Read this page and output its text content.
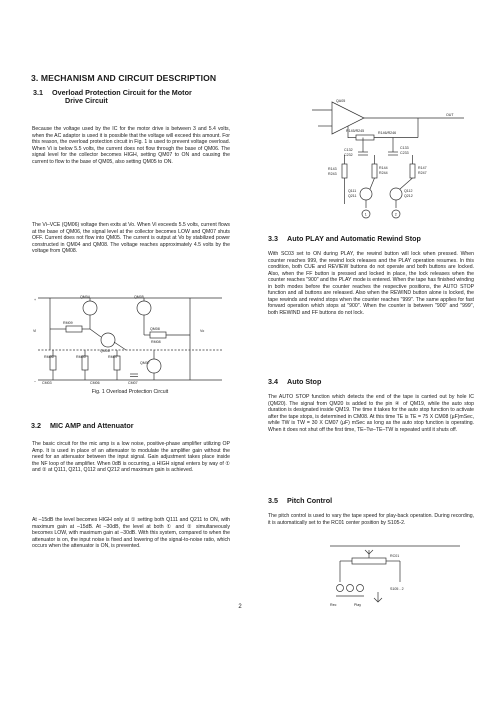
3. MECHANISM AND CIRCUIT DESCRIPTION
3.1 Overload Protection Circuit for the Motor
Drive Circuit
Because the voltage used by the IC for the motor drive is between 3 and 5.4 volts, when the AC adaptor is used it is possible that the voltage will exceed this amount. For this reason, the overload protection circuit in Fig. 1 is used to prevent voltage overload. When Vi is below 5.5 volts, the current does not flow through the base of QM06. The signal level for the collector becomes HIGH, setting QM07 to ON and causing the current to flow to the base of QM05, also setting QM05 to ON.
The Vi–VCE (QM06) voltage then exits at Vo. When Vi exceeds 5.5 volts, current flows at the base of QM06, the signal level at the collector becomes LOW and QM07 shuts OFF. Current does not flow into QM05. The current is output at Vo by stabilized power constructed in QM04 and QM08. The voltage reaches approximately 4.5 volts by the voltage from QM08.
QM04	QM05
QM06
QM07
QM08
RM09
RM06	RM05	RM07
RM08
CM03	CM06	CM07
Vi	Vo
+
–
Fig. 1 Overload Protection Circuit
3.2 MIC AMP and Attenuator
The basic circuit for the mic amp is a low noise, positive-phase amplifier utilizing OP Amp. It is used in place of an attenuator to modulate the amplifier gain without the need for an attenuator between the input signal. Gain adjustment takes place inside the NF loop of the amplifier. When 0dB is occurring, a HIGH signal enters by way of ① and ② at Q111, Q211, Q112 and Q212 and maximum gain is achieved.
At –15dB the level becomes HIGH only at ① setting both Q111 and Q211 to ON, with maximum gain at –15dB. At –30dB, the level at both ① and ② simultaneously becomes LOW, with maximum gain at –30dB. With this system, compared to when the attenuator is on, the input noise is fixed and lowering of the signal-to-noise ratio, which occurs when the attenuator is ON, is prevented.
QA05
OUT
R145/R245	R146/R246
C132
C232
C133
C233
R143
R243
R144
R244
R147
R247
Q111
Q211
Q112
Q212
1	2
3.3 Auto PLAY and Automatic Rewind Stop
With SC03 set to ON during PLAY, the rewind button will lock when pressed. When counter reaches 999, the rewind lock releases and the PLAY operation resumes. In this condition, both CUE and REVIEW buttons do not operate and both buttons are locked. Also, when the FF button is pressed and locked in place, the lock releases when the counter reaches "900" and the PLAY mode is entered. When the tape has finished winding in both modes before the counter reaches the respective positions, the AUTO STOP function and all buttons are released. Also when the REWIND button alone is locked, the tape rewinds and rewind stops when the counter reaches "999". The same applies for fast forward operation which stops at "900". When the counter is between "900" and "999", both REWIND and FF buttons do not lock.
3.4 Auto Stop
The AUTO STOP function which detects the end of the tape is carried out by hole IC (QM20). The signal from QM20 is added to the pin ④ of QM19, while the auto stop duration is designated inside QM19. The time it takes for the auto stop function to activate after the tape stops, is determined in CM08. At this time TE is TE = 75 X CM08 (µF)mSec, while TW is TW = 30 X CM07 (µF) mSec as long as the auto stop function is operating. When it does not shut off the first time, TE–Tw–TE–TW is repeated until it shuts off.
3.5 Pitch Control
The pitch control is used to vary the tape speed for play-back operation. During recording, it is automatically set to the RC01 center position by S105-2.
RC01
S105 - 2
Rec	Play
2
